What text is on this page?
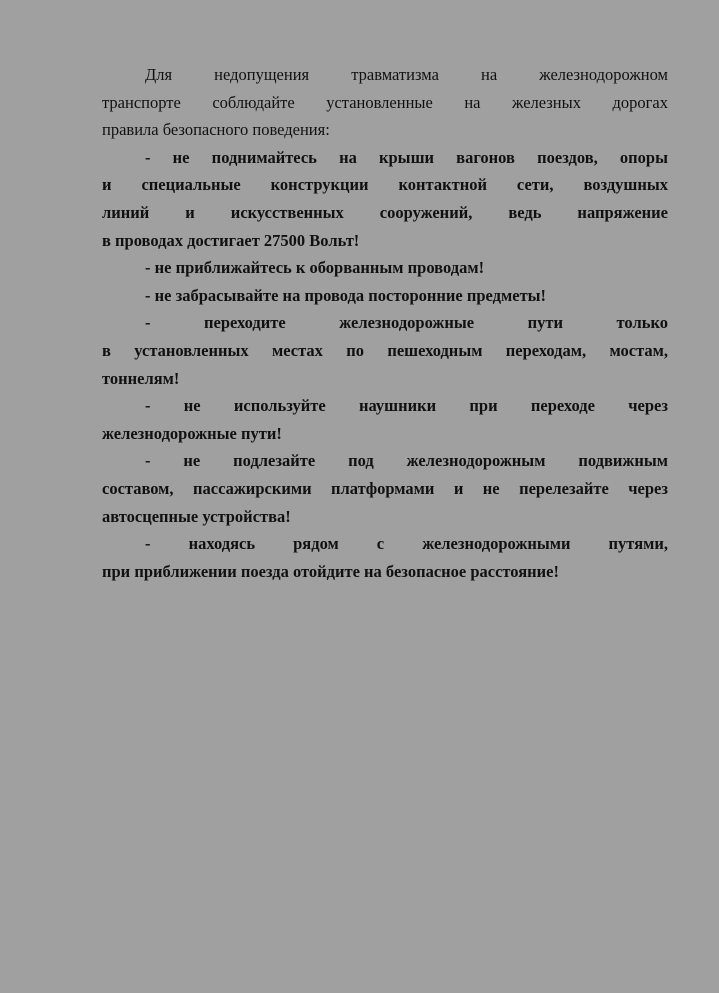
Для недопущения травматизма на железнодорожном
транспорте соблюдайте установленные на железных дорогах
правила безопасного поведения:
- не поднимайтесь на крыши вагонов поездов, опоры
и специальные конструкции контактной сети, воздушных
линий и искусственных сооружений, ведь напряжение
в проводах достигает 27500 Вольт!
- не приближайтесь к оборванным проводам!
- не забрасывайте на провода посторонние предметы!
- переходите железнодорожные пути только
в установленных местах по пешеходным переходам, мостам,
тоннелям!
- не используйте наушники при переходе через
железнодорожные пути!
- не подлезайте под железнодорожным подвижным
составом, пассажирскими платформами и не перелезайте через
автосцепные устройства!
- находясь рядом с железнодорожными путями,
при приближении поезда отойдите на безопасное расстояние!
